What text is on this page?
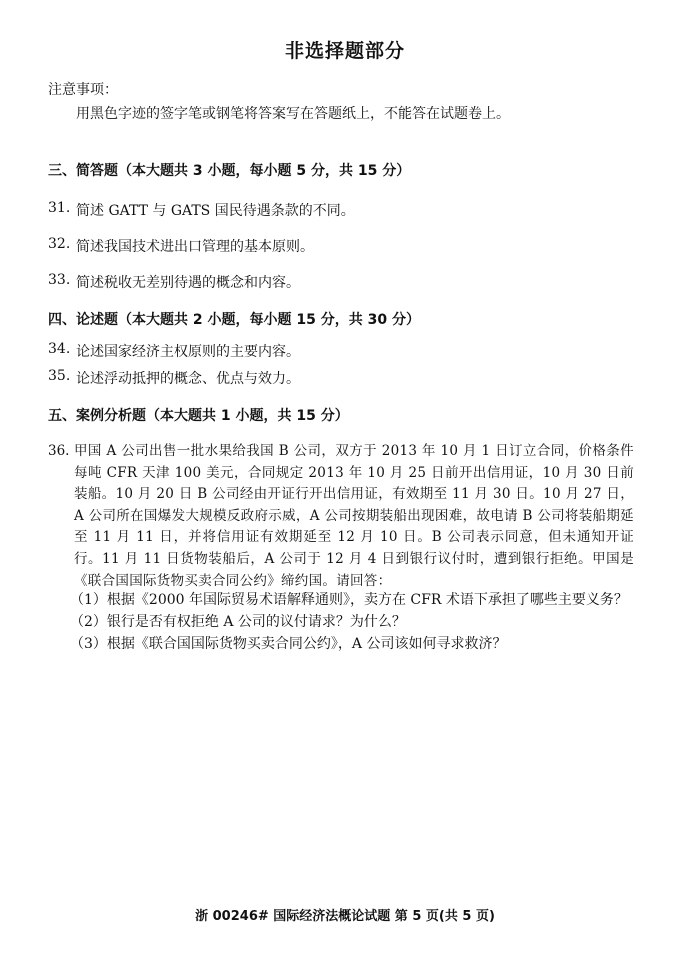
非选择题部分
注意事项：
用黑色字迹的签字笔或钢笔将答案写在答题纸上，不能答在试题卷上。
三、简答题（本大题共 3 小题，每小题 5 分，共 15 分）
31. 简述 GATT 与 GATS 国民待遇条款的不同。
32. 简述我国技术进出口管理的基本原则。
33. 简述税收无差别待遇的概念和内容。
四、论述题（本大题共 2 小题，每小题 15 分，共 30 分）
34. 论述国家经济主权原则的主要内容。
35. 论述浮动抵押的概念、优点与效力。
五、案例分析题（本大题共 1 小题，共 15 分）
36. 甲国 A 公司出售一批水果给我国 B 公司，双方于 2013 年 10 月 1 日订立合同，价格条件每吨 CFR 天津 100 美元，合同规定 2013 年 10 月 25 日前开出信用证，10 月 30 日前装船。10 月 20 日 B 公司经由开证行开出信用证，有效期至 11 月 30 日。10 月 27 日，A 公司所在国爆发大规模反政府示威，A 公司按期装船出现困难，故电请 B 公司将装船期延至 11 月 11 日，并将信用证有效期延至 12 月 10 日。B 公司表示同意，但未通知开证行。11 月 11 日货物装船后，A 公司于 12 月 4 日到银行议付时，遭到银行拒绝。甲国是《联合国国际货物买卖合同公约》缔约国。请回答：
（1）根据《2000 年国际贸易术语解释通则》，卖方在 CFR 术语下承担了哪些主要义务？
（2）银行是否有权拒绝 A 公司的议付请求？为什么？
（3）根据《联合国国际货物买卖合同公约》，A 公司该如何寻求救济？
浙 00246# 国际经济法概论试题 第 5 页(共 5 页)
